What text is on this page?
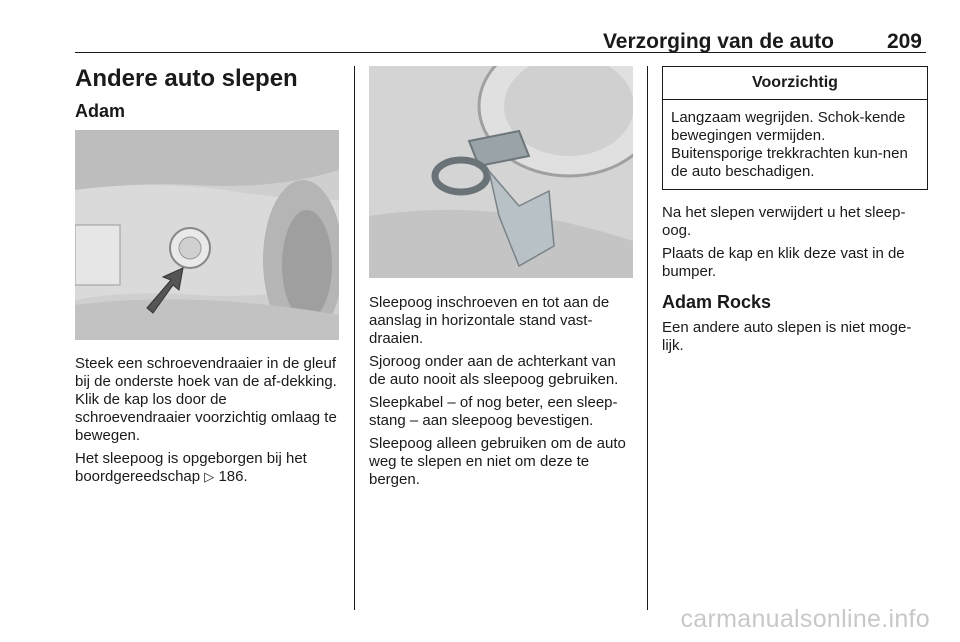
Verzorging van de auto	209
Andere auto slepen
Adam

Steek een schroevendraaier in de gleuf bij de onderste hoek van de af-dekking. Klik de kap los door de schroevendraaier voorzichtig omlaag te bewegen.

Het sleepoog is opgeborgen bij het boordgereedschap ▷ 186.

Sleepoog inschroeven en tot aan de aanslag in horizontale stand vast-draaien.

Sjoroog onder aan de achterkant van de auto nooit als sleepoog gebruiken.

Sleepkabel – of nog beter, een sleep-stang – aan sleepoog bevestigen.

Sleepoog alleen gebruiken om de auto weg te slepen en niet om deze te bergen.

Voorzichtig
Langzaam wegrijden. Schok-kende bewegingen vermijden. Buitensporige trekkrachten kun-nen de auto beschadigen.

Na het slepen verwijdert u het sleep-oog.

Plaats de kap en klik deze vast in de bumper.

Adam Rocks

Een andere auto slepen is niet moge-lijk.

carmanualsonline.info
